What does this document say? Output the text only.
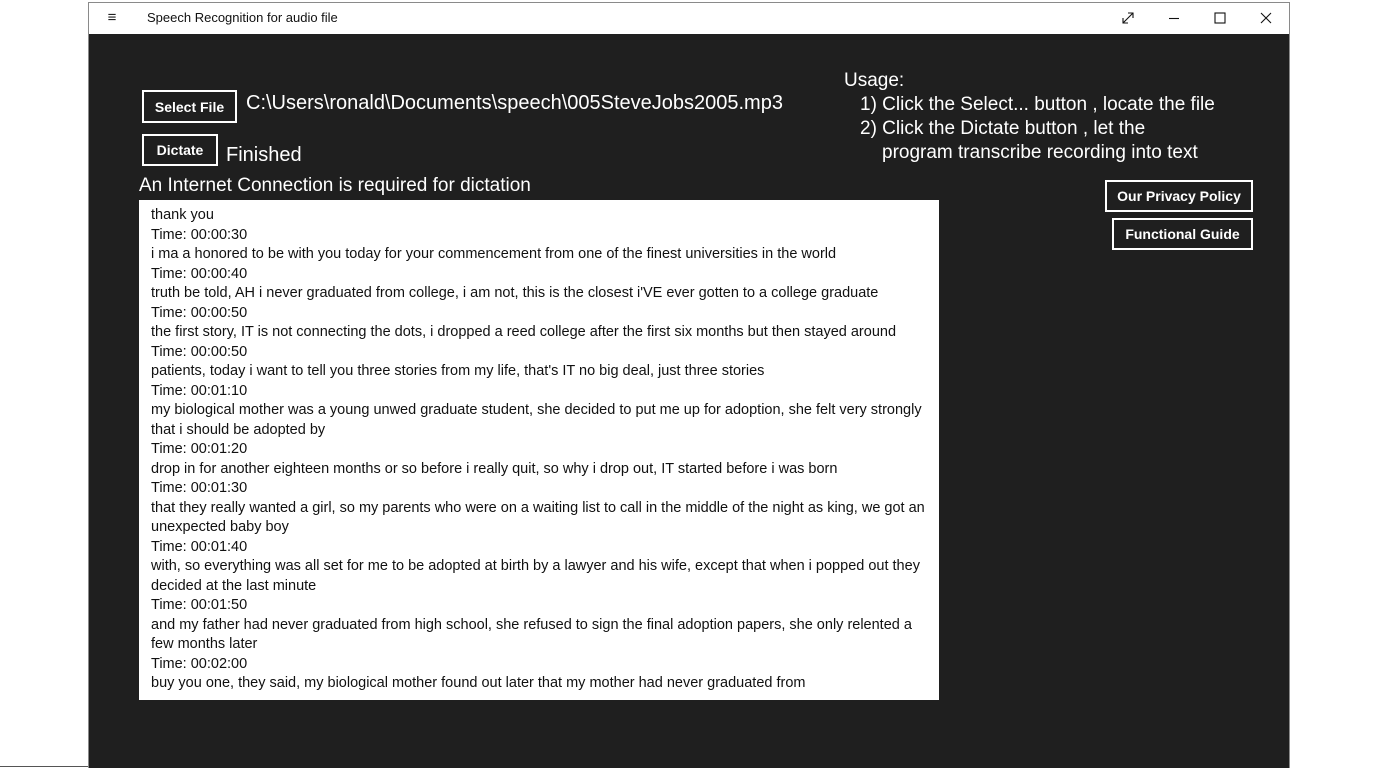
≡	Speech Recognition for audio file
Select File	C:\Users\ronald\Documents\speech\005SteveJobs2005.mp3
Dictate	Finished
An Internet Connection is required for dictation
Usage:
1) Click the Select... button , locate the file
2) Click the Dictate button , let the
program transcribe recording into text
Our Privacy Policy
Functional Guide
thank you
Time: 00:00:30
i ma a honored to be with you today for your commencement from one of the finest universities in the world
Time: 00:00:40
truth be told, AH i never graduated from college, i am not, this is the closest i'VE ever gotten to a college graduate
Time: 00:00:50
the first story, IT is not connecting the dots, i dropped a reed college after the first six months but then stayed around
Time: 00:00:50
patients, today i want to tell you three stories from my life, that's IT no big deal, just three stories
Time: 00:01:10
my biological mother was a young unwed graduate student, she decided to put me up for adoption, she felt very strongly that i should be adopted by
Time: 00:01:20
drop in for another eighteen months or so before i really quit, so why i drop out, IT started before i was born
Time: 00:01:30
that they really wanted a girl, so my parents who were on a waiting list to call in the middle of the night as king, we got an unexpected baby boy
Time: 00:01:40
with, so everything was all set for me to be adopted at birth by a lawyer and his wife, except that when i popped out they decided at the last minute
Time: 00:01:50
and my father had never graduated from high school, she refused to sign the final adoption papers, she only relented a few months later
Time: 00:02:00
buy you one, they said, my biological mother found out later that my mother had never graduated from
